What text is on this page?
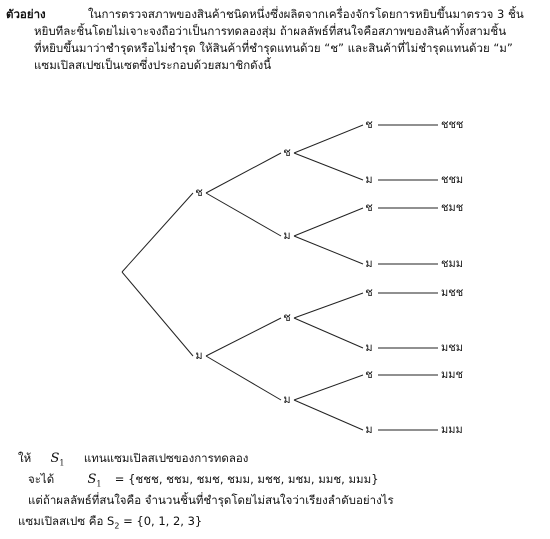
ตัวอย่าง	ในการตรวจสภาพของสินค้าชนิดหนึ่งซึ่งผลิตจากเครื่องจักรโดยการหยิบขึ้นมาตรวจ 3 ชิ้น
หยิบทีละชิ้นโดยไม่เจาะจงถือว่าเป็นการทดลองสุ่ม ถ้าผลลัพธ์ที่สนใจคือสภาพของสินค้าทั้งสามชิ้น
ที่หยิบขึ้นมาว่าชำรุดหรือไม่ชำรุด ให้สินค้าที่ชำรุดแทนด้วย “ช” และสินค้าที่ไม่ชำรุดแทนด้วย “ม”
แซมเปิลสเปซเป็นเซตซึ่งประกอบด้วยสมาชิกดังนี้
ช
ม
ช
ม
ช
ม
ช	ชชช
ม	ชชม
ช	ชมช
ม	ชมม
ช	มชช
ม	มชม
ช	มมช
ม	มมม
ให้ $S_1$ แทนแซมเปิลสเปซของการทดลอง
จะได้	$S_1$ = {ชชช, ชชม, ชมช, ชมม, มชช, มชม, มมช, มมม}
แต่ถ้าผลลัพธ์ที่สนใจคือ จำนวนชิ้นที่ชำรุดโดยไม่สนใจว่าเรียงลำดับอย่างไร
แซมเปิลสเปซ คือ $S_2 = \{0$, 1, 2, 3}
